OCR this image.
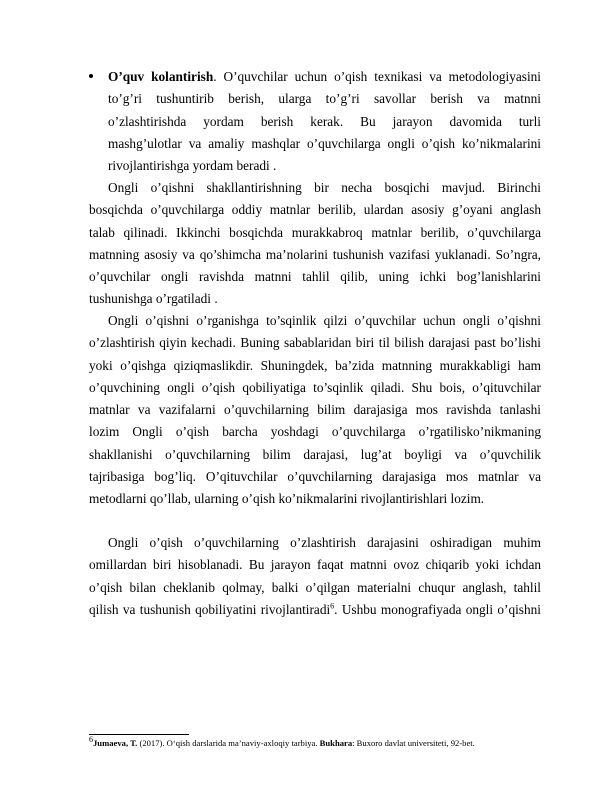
O’quv kolantirish. O’quvchilar uchun o’qish texnikasi va metodologiyasini
to’g’ri tushuntirib berish, ularga to’g’ri savollar berish va matnni
o’zlashtirishda yordam berish kerak. Bu jarayon davomida turli
mashg’ulotlar va amaliy mashqlar o’quvchilarga ongli o’qish ko’nikmalarini
rivojlantirishga yordam beradi .
Ongli o’qishni shakllantirishning bir necha bosqichi mavjud. Birinchi
bosqichda o’quvchilarga oddiy matnlar berilib, ulardan asosiy g’oyani anglash
talab qilinadi. Ikkinchi bosqichda murakkabroq matnlar berilib, o’quvchilarga
matnning asosiy va qo’shimcha ma’nolarini tushunish vazifasi yuklanadi. So’ngra,
o’quvchilar ongli ravishda matnni tahlil qilib, uning ichki bog’lanishlarini
tushunishga o’rgatiladi .
Ongli o’qishni o’rganishga to’sqinlik qilzi o’quvchilar uchun ongli o’qishni
o’zlashtirish qiyin kechadi. Buning sabablaridan biri til bilish darajasi past bo’lishi
yoki o’qishga qiziqmaslikdir. Shuningdek, ba’zida matnning murakkabligi ham
o’quvchining ongli o’qish qobiliyatiga to’sqinlik qiladi. Shu bois, o’qituvchilar
matnlar va vazifalarni o’quvchilarning bilim darajasiga mos ravishda tanlashi
lozim Ongli o’qish barcha yoshdagi o’quvchilarga o’rgatilisko’nikmaning
shakllanishi o’quvchilarning bilim darajasi, lug’at boyligi va o’quvchilik
tajribasiga bog’liq. O’qituvchilar o’quvchilarning darajasiga mos matnlar va
metodlarni qo’llab, ularning o’qish ko’nikmalarini rivojlantirishlari lozim.
Ongli o’qish o’quvchilarning o’zlashtirish darajasini oshiradigan muhim
omillardan biri hisoblanadi. Bu jarayon faqat matnni ovoz chiqarib yoki ichdan
o’qish bilan cheklanib qolmay, balki o’qilgan materialni chuqur anglash, tahlil
qilish va tushunish qobiliyatini rivojlantiradi$^6$. Ushbu monografiyada ongli o’qishni
$^6$Jumaeva, T. (2017). O‘qish darslarida ma’naviy-axloqiy tarbiya. Bukhara: Buxoro davlat universiteti, 92-bet.
